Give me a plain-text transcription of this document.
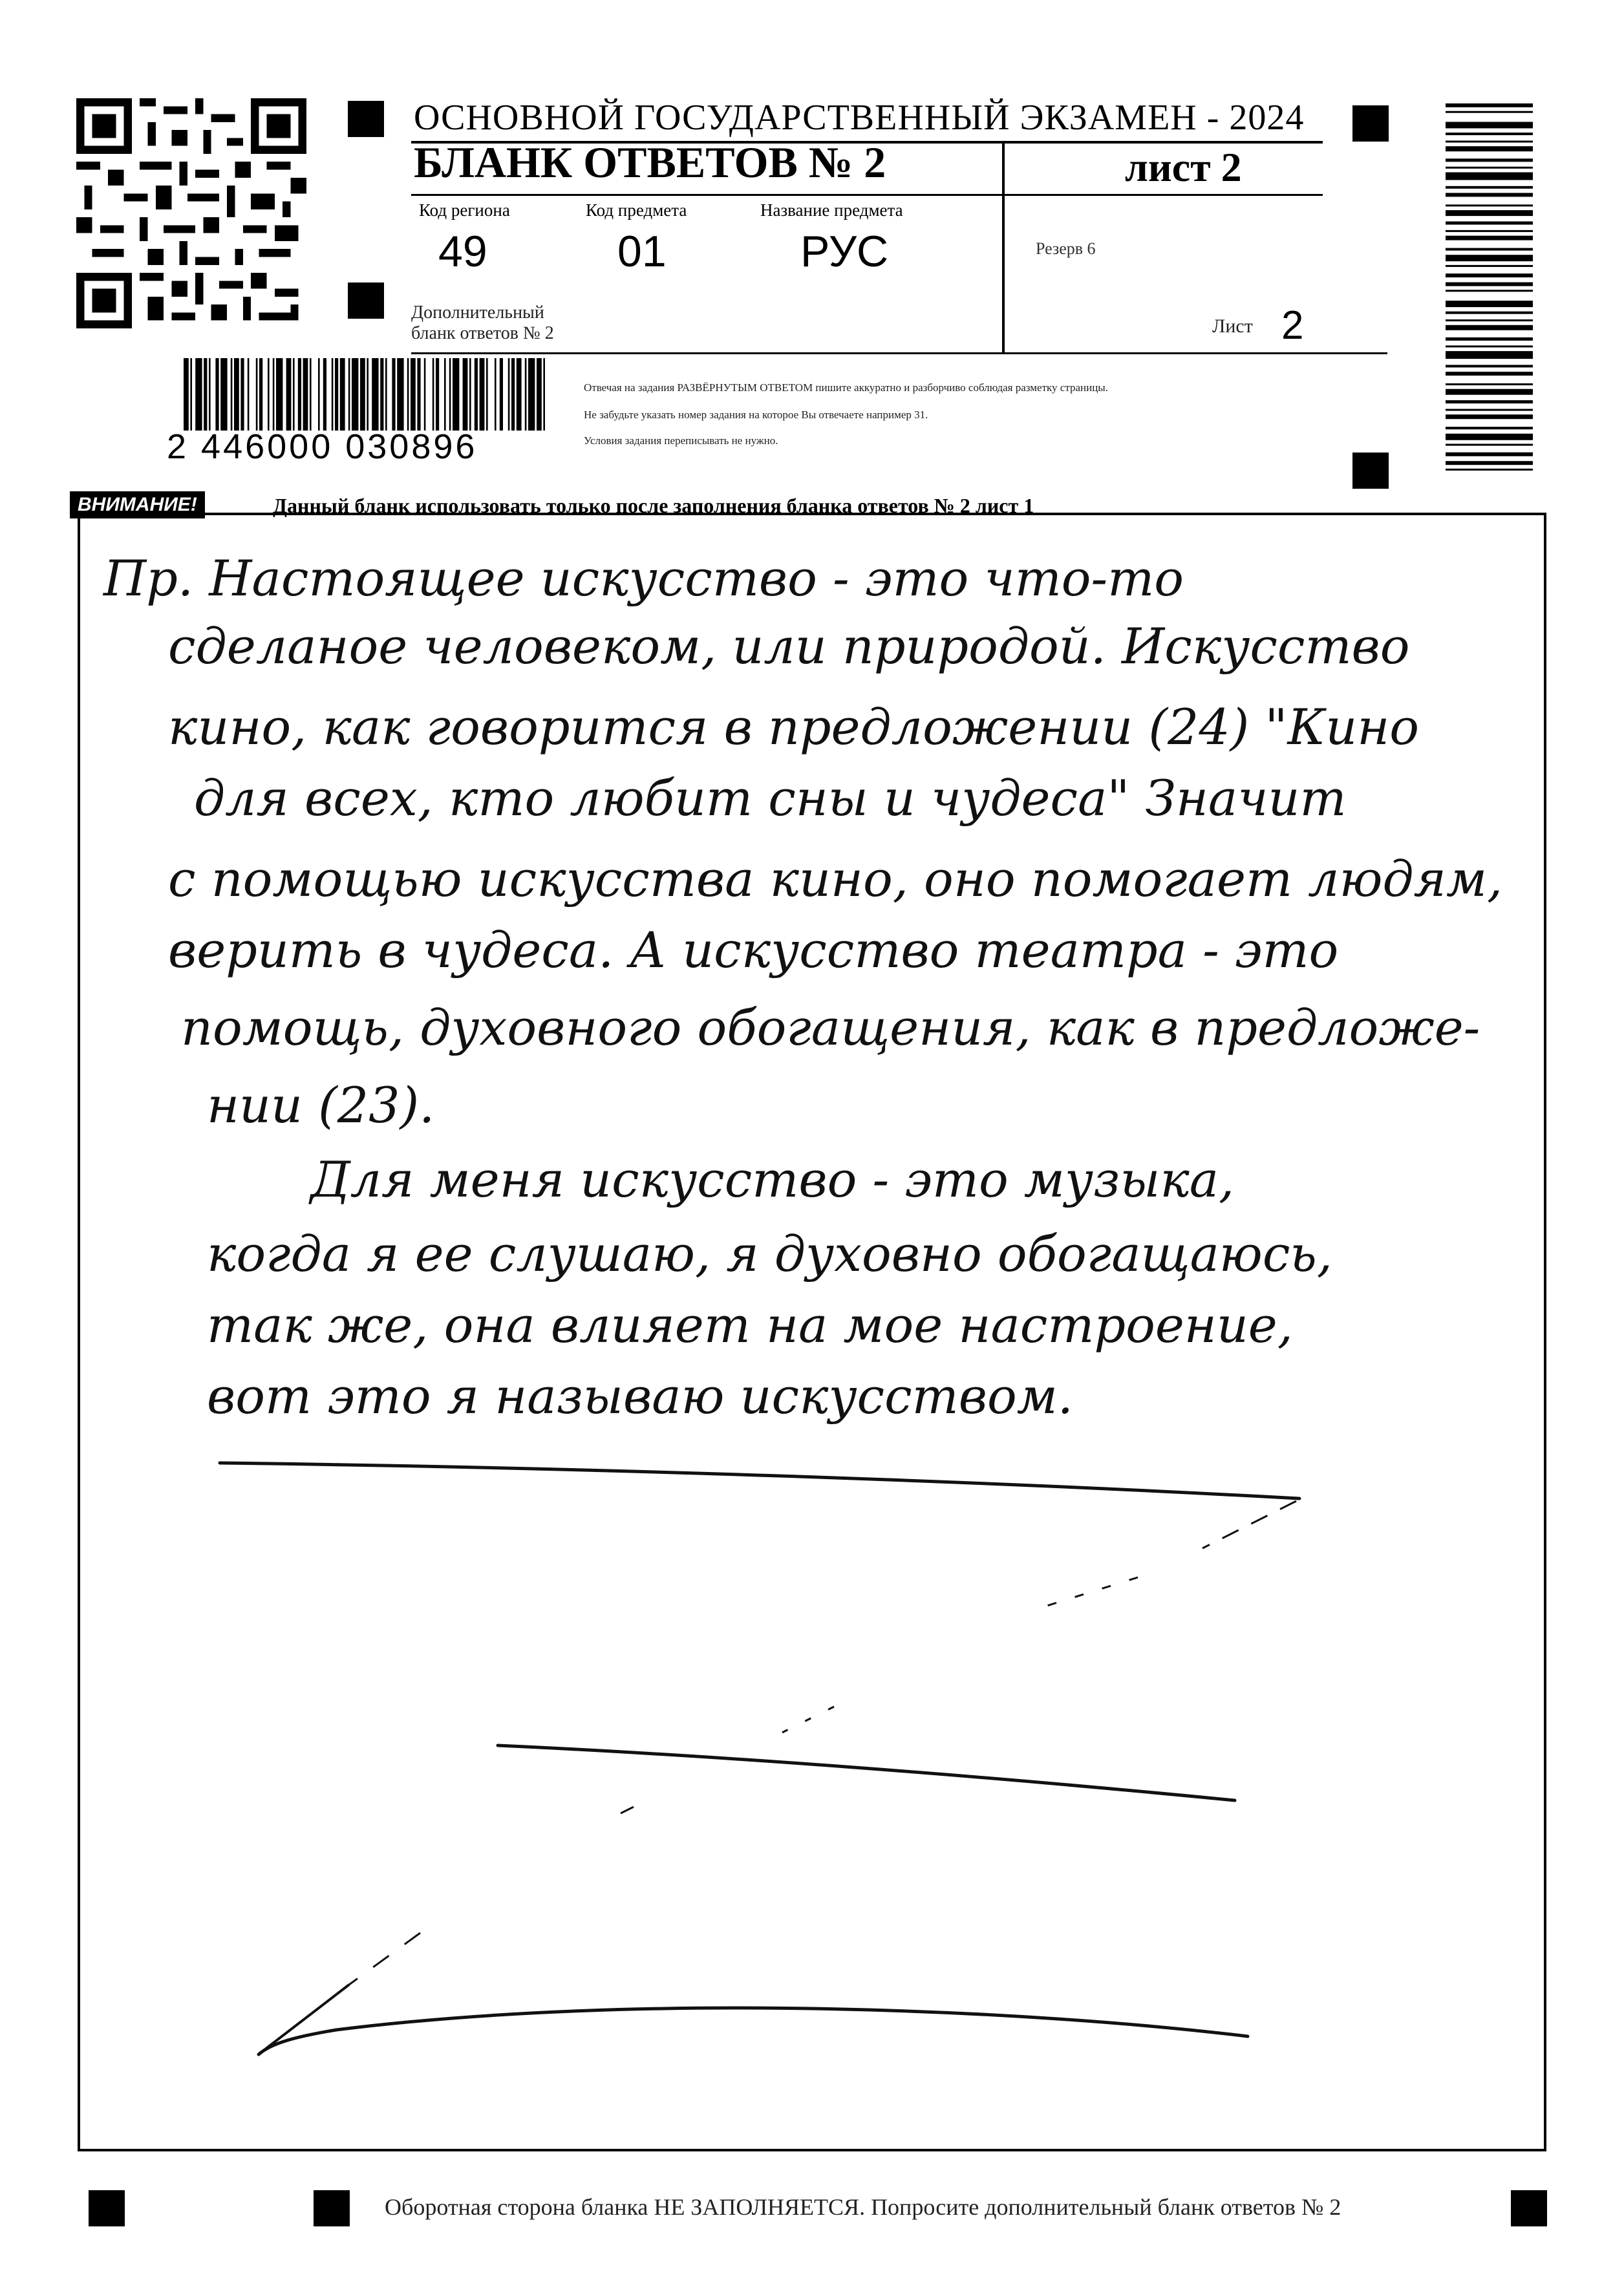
ОСНОВНОЙ ГОСУДАРСТВЕННЫЙ ЭКЗАМЕН - 2024
БЛАНК ОТВЕТОВ № 2	лист 2
Код региона
49
Код предмета
01
Название предмета
РУС	Резерв 6
Дополнительный
бланк ответов № 2	Лист 2
Отвечая на задания РАЗВЁРНУТЫМ ОТВЕТОМ пишите аккуратно и разборчиво соблюдая разметку страницы.
Не забудьте указать номер задания на которое Вы отвечаете например 31.
Условия задания переписывать не нужно.
2 446000 030896
ВНИМАНИЕ!	Данный бланк использовать только после заполнения бланка ответов № 2 лист 1
Пр. Настоящее искусство - это что-то
сделаное человеком, или природой. Искусство
кино, как говорится в предложении (24) "Кино
для всех, кто любит сны и чудеса" Значит
с помощью искусства кино, оно помогает людям,
верить в чудеса. А искусство театра - это
помощь, духовного обогащения, как в предложе-
нии (23).
Для меня искусство - это музыка,
когда я ее слушаю, я духовно обогащаюсь,
так же, она влияет на мое настроение,
вот это я называю искусством.
Оборотная сторона бланка НЕ ЗАПОЛНЯЕТСЯ. Попросите дополнительный бланк ответов № 2
